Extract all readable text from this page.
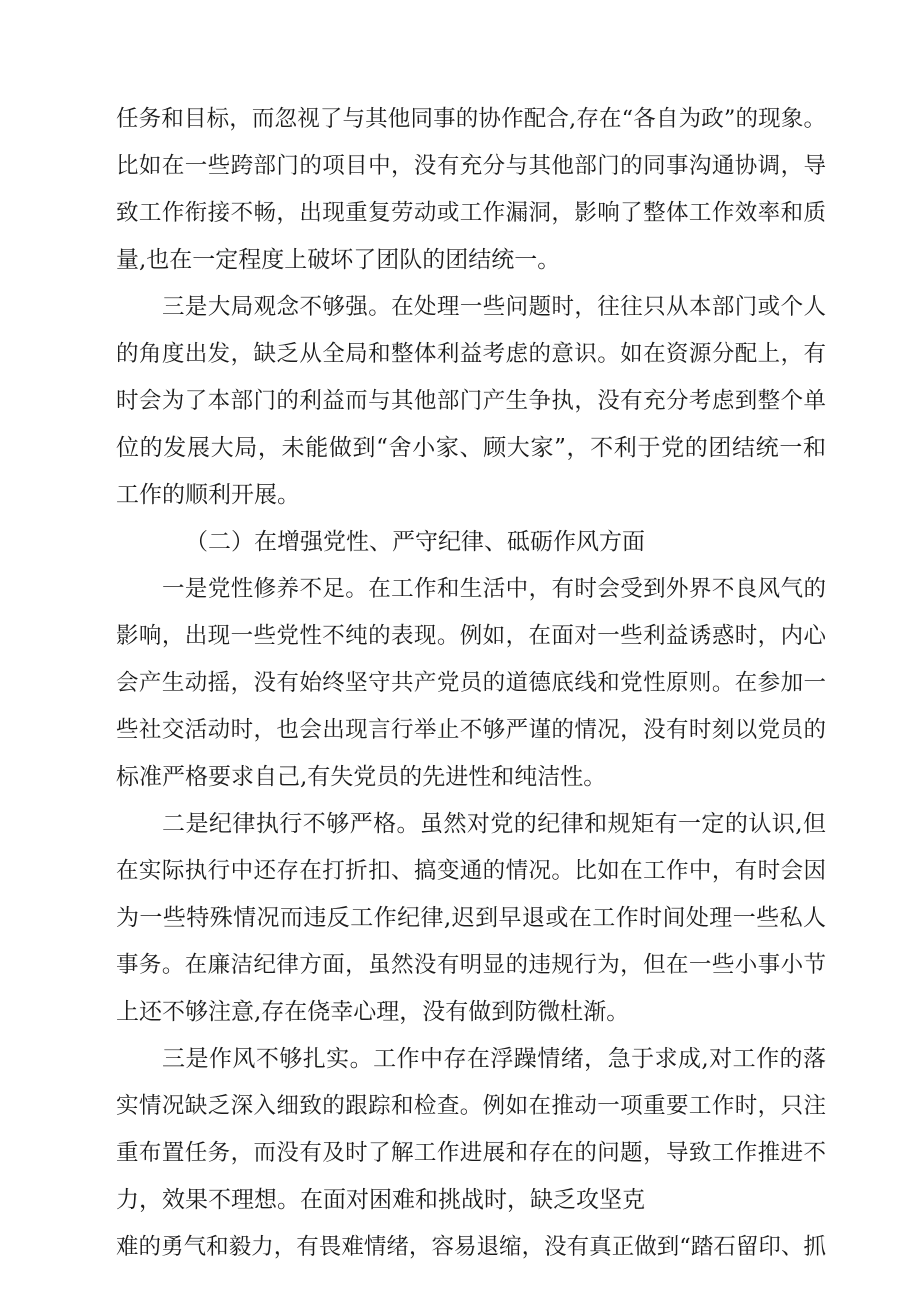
任务和目标，而忽视了与其他同事的协作配合,存在“各自为政”的现象。
比如在一些跨部门的项目中，没有充分与其他部门的同事沟通协调，导
致工作衔接不畅，出现重复劳动或工作漏洞，影响了整体工作效率和质
量,也在一定程度上破坏了团队的团结统一。
三是大局观念不够强。在处理一些问题时，往往只从本部门或个人
的角度出发，缺乏从全局和整体利益考虑的意识。如在资源分配上，有
时会为了本部门的利益而与其他部门产生争执，没有充分考虑到整个单
位的发展大局，未能做到“舍小家、顾大家”，不利于党的团结统一和
工作的顺利开展。
（二）在增强党性、严守纪律、砥砺作风方面
一是党性修养不足。在工作和生活中，有时会受到外界不良风气的
影响，出现一些党性不纯的表现。例如，在面对一些利益诱惑时，内心
会产生动摇，没有始终坚守共产党员的道德底线和党性原则。在参加一
些社交活动时，也会出现言行举止不够严谨的情况，没有时刻以党员的
标准严格要求自己,有失党员的先进性和纯洁性。
二是纪律执行不够严格。虽然对党的纪律和规矩有一定的认识,但
在实际执行中还存在打折扣、搞变通的情况。比如在工作中，有时会因
为一些特殊情况而违反工作纪律,迟到早退或在工作时间处理一些私人
事务。在廉洁纪律方面，虽然没有明显的违规行为，但在一些小事小节
上还不够注意,存在侥幸心理，没有做到防微杜渐。
三是作风不够扎实。工作中存在浮躁情绪，急于求成,对工作的落
实情况缺乏深入细致的跟踪和检查。例如在推动一项重要工作时，只注
重布置任务，而没有及时了解工作进展和存在的问题，导致工作推进不
力，效果不理想。在面对困难和挑战时，缺乏攻坚克
难的勇气和毅力，有畏难情绪，容易退缩，没有真正做到“踏石留印、抓
